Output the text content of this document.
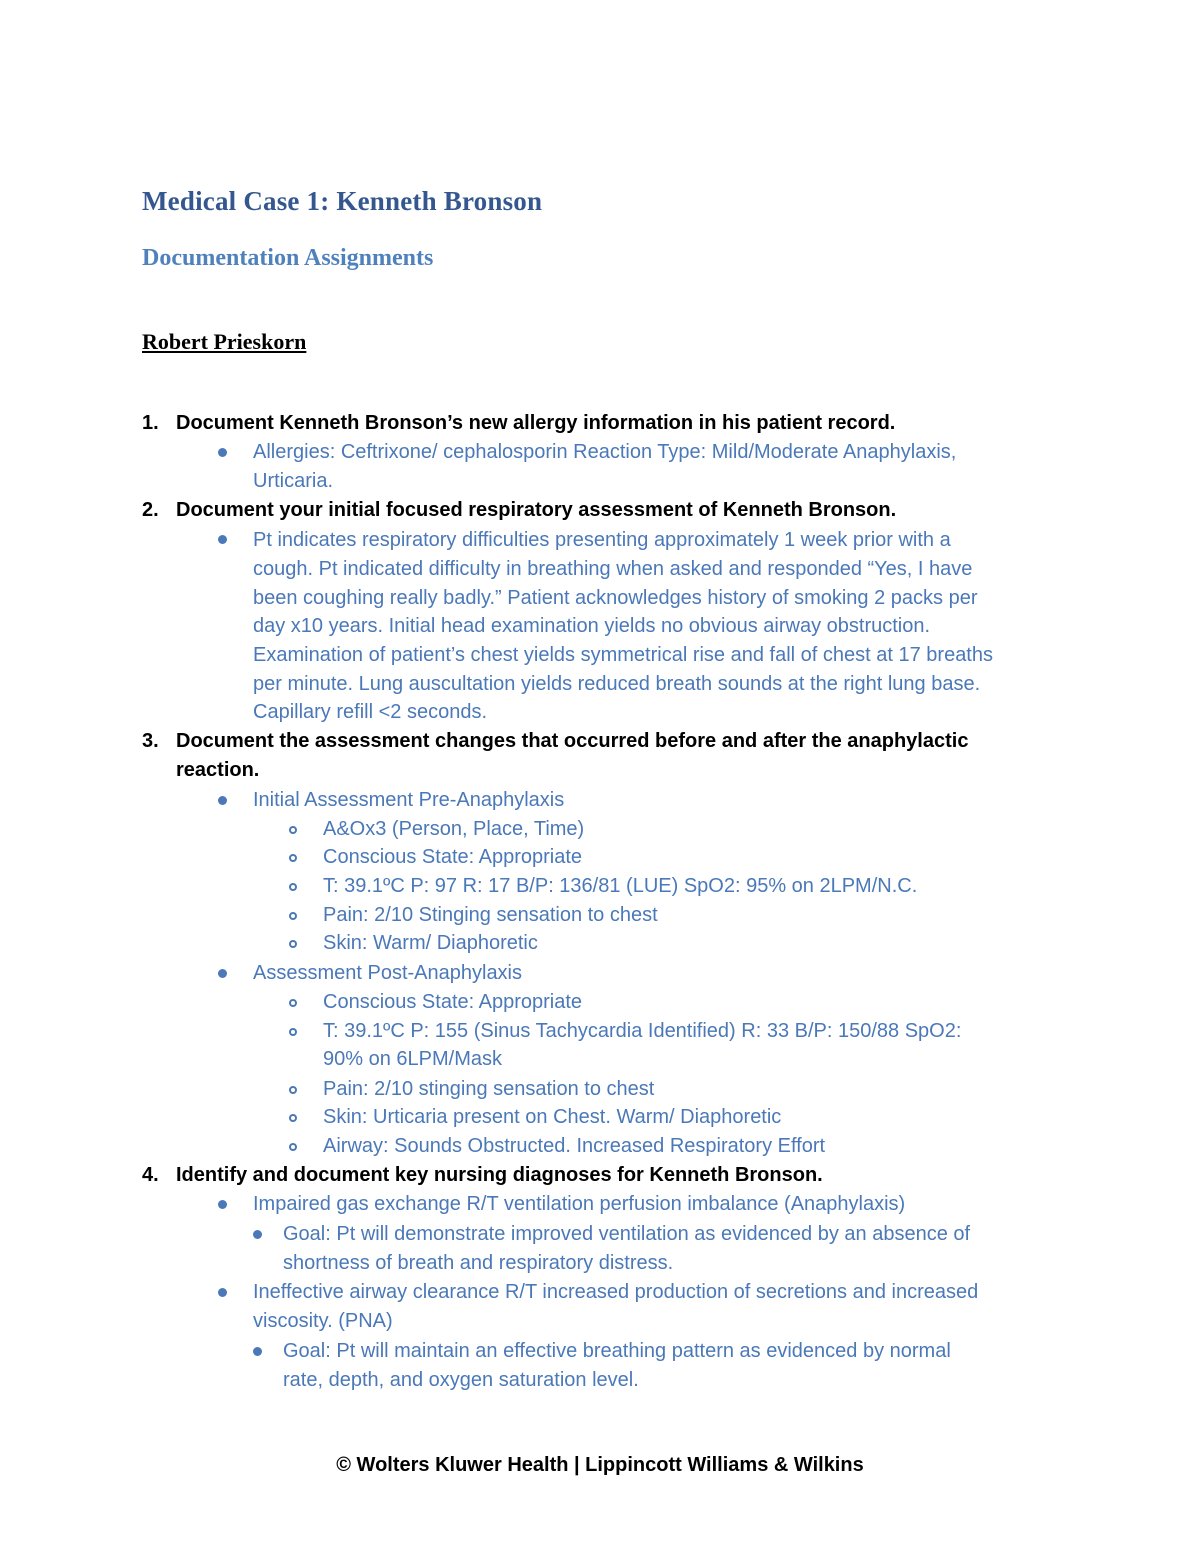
Medical Case 1: Kenneth Bronson
Documentation Assignments
Robert Prieskorn
1. Document Kenneth Bronson’s new allergy information in his patient record.
Allergies: Ceftrixone/ cephalosporin Reaction Type: Mild/Moderate Anaphylaxis,
Urticaria.
2. Document your initial focused respiratory assessment of Kenneth Bronson.
Pt indicates respiratory difficulties presenting approximately 1 week prior with a
cough. Pt indicated difficulty in breathing when asked and responded “Yes, I have
been coughing really badly.” Patient acknowledges history of smoking 2 packs per
day x10 years. Initial head examination yields no obvious airway obstruction.
Examination of patient’s chest yields symmetrical rise and fall of chest at 17 breaths
per minute. Lung auscultation yields reduced breath sounds at the right lung base.
Capillary refill <2 seconds.
3. Document the assessment changes that occurred before and after the anaphylactic
reaction.
Initial Assessment Pre-Anaphylaxis
A&Ox3 (Person, Place, Time)
Conscious State: Appropriate
T: 39.1ºC P: 97 R: 17 B/P: 136/81 (LUE) SpO2: 95% on 2LPM/N.C.
Pain: 2/10 Stinging sensation to chest
Skin: Warm/ Diaphoretic
Assessment Post-Anaphylaxis
Conscious State: Appropriate
T: 39.1ºC P: 155 (Sinus Tachycardia Identified) R: 33 B/P: 150/88 SpO2:
90% on 6LPM/Mask
Pain: 2/10 stinging sensation to chest
Skin: Urticaria present on Chest. Warm/ Diaphoretic
Airway: Sounds Obstructed. Increased Respiratory Effort
4. Identify and document key nursing diagnoses for Kenneth Bronson.
Impaired gas exchange R/T ventilation perfusion imbalance (Anaphylaxis)
Goal: Pt will demonstrate improved ventilation as evidenced by an absence of
shortness of breath and respiratory distress.
Ineffective airway clearance R/T increased production of secretions and increased
viscosity. (PNA)
Goal: Pt will maintain an effective breathing pattern as evidenced by normal
rate, depth, and oxygen saturation level.
© Wolters Kluwer Health | Lippincott Williams & Wilkins
